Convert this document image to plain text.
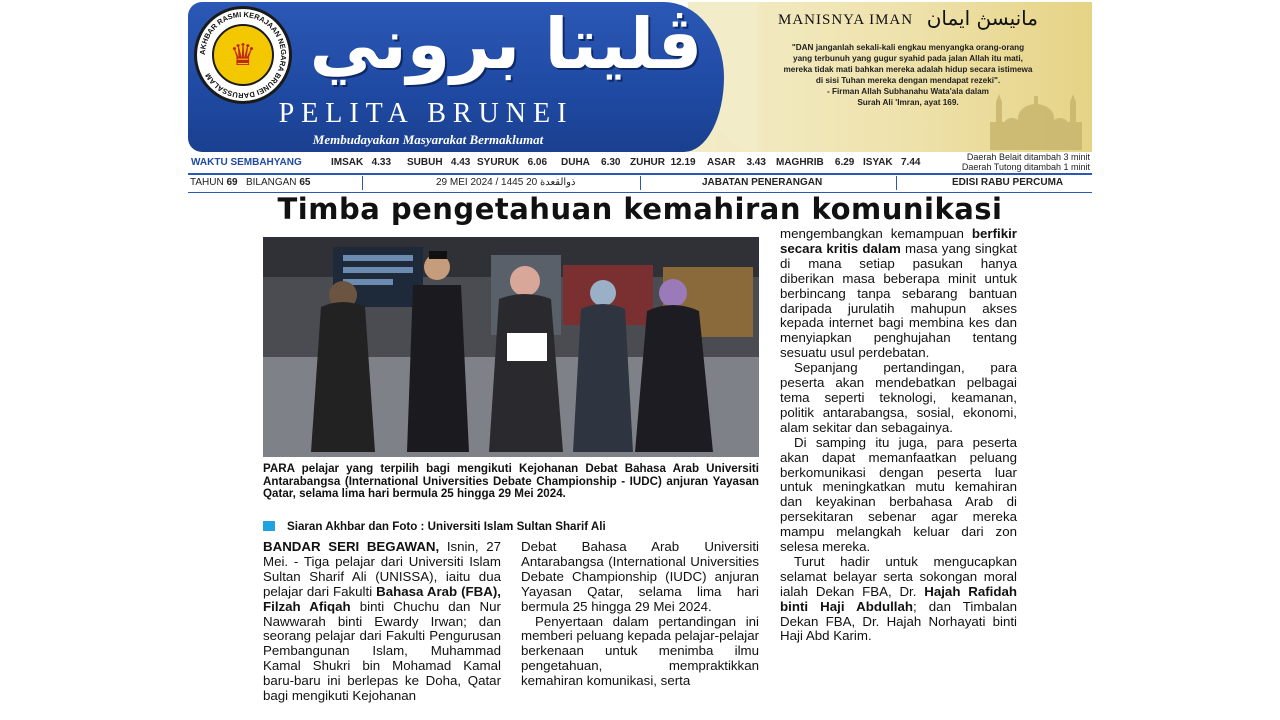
AKHBAR RASMI KERAJAAN NEGARA BRUNEI DARUSSALAM
♛ ڤليتا بروني
PELITA BRUNEI
Membudayakan Masyarakat Bermaklumat
MANISNYA IMAN مانيسڽ ايمان
"DAN janganlah sekali-kali engkau menyangka orang-orang
yang terbunuh yang gugur syahid pada jalan Allah itu mati,
mereka tidak mati bahkan mereka adalah hidup secara istimewa
di sisi Tuhan mereka dengan mendapat rezeki".
- Firman Allah Subhanahu Wata'ala dalam
Surah Ali 'Imran, ayat 169.
WAKTU SEMBAHYANG	IMSAK 4.33 SUBUH 4.43 SYURUK 6.06 DUHA 6.30 ZUHUR 12.19 ASAR 3.43 MAGHRIB 6.29 ISYAK 7.44	Daerah Belait ditambah 3 minit
Daerah Tutong ditambah 1 minit
TAHUN 69 BILANGAN 65	29 MEI 2024 / 1445 ذوالقعدة 20	JABATAN PENERANGAN	EDISI RABU PERCUMA
Timba pengetahuan kemahiran komunikasi
PARA pelajar yang terpilih bagi mengikuti Kejohanan Debat Bahasa Arab Universiti Antarabangsa (International Universities Debate Championship - IUDC) anjuran Yayasan Qatar, selama lima hari bermula 25 hingga 29 Mei 2024.
Siaran Akhbar dan Foto : Universiti Islam Sultan Sharif Ali

BANDAR SERI BEGAWAN, Isnin, 27 Mei. - Tiga pelajar dari Universiti Islam Sultan Sharif Ali (UNISSA), iaitu dua pelajar dari Fakulti Bahasa Arab (FBA), Filzah Afiqah binti Chuchu dan Nur Nawwarah binti Ewardy Irwan; dan seorang pelajar dari Fakulti Pengurusan Pembangunan Islam, Muhammad Kamal Shukri bin Mohamad Kamal baru-baru ini berlepas ke Doha, Qatar bagi mengikuti Kejohanan

Debat Bahasa Arab Universiti Antarabangsa (International Universities Debate Championship (IUDC) anjuran Yayasan Qatar, selama lima hari bermula 25 hingga 29 Mei 2024.

Penyertaan dalam pertandingan ini memberi peluang kepada pelajar-pelajar berkenaan untuk menimba ilmu pengetahuan, mempraktikkan kemahiran komunikasi, serta

mengembangkan kemampuan berfikir secara kritis dalam masa yang singkat di mana setiap pasukan hanya diberikan masa beberapa minit untuk berbincang tanpa sebarang bantuan daripada jurulatih mahupun akses kepada internet bagi membina kes dan menyiapkan penghujahan tentang sesuatu usul perdebatan.

Sepanjang pertandingan, para peserta akan mendebatkan pelbagai tema seperti teknologi, keamanan, politik antarabangsa, sosial, ekonomi, alam sekitar dan sebagainya.

Di samping itu juga, para peserta akan dapat memanfaatkan peluang berkomunikasi dengan peserta luar untuk meningkatkan mutu kemahiran dan keyakinan berbahasa Arab di persekitaran sebenar agar mereka mampu melangkah keluar dari zon selesa mereka.

Turut hadir untuk mengucapkan selamat belayar serta sokongan moral ialah Dekan FBA, Dr. Hajah Rafidah binti Haji Abdullah; dan Timbalan Dekan FBA, Dr. Hajah Norhayati binti Haji Abd Karim.
